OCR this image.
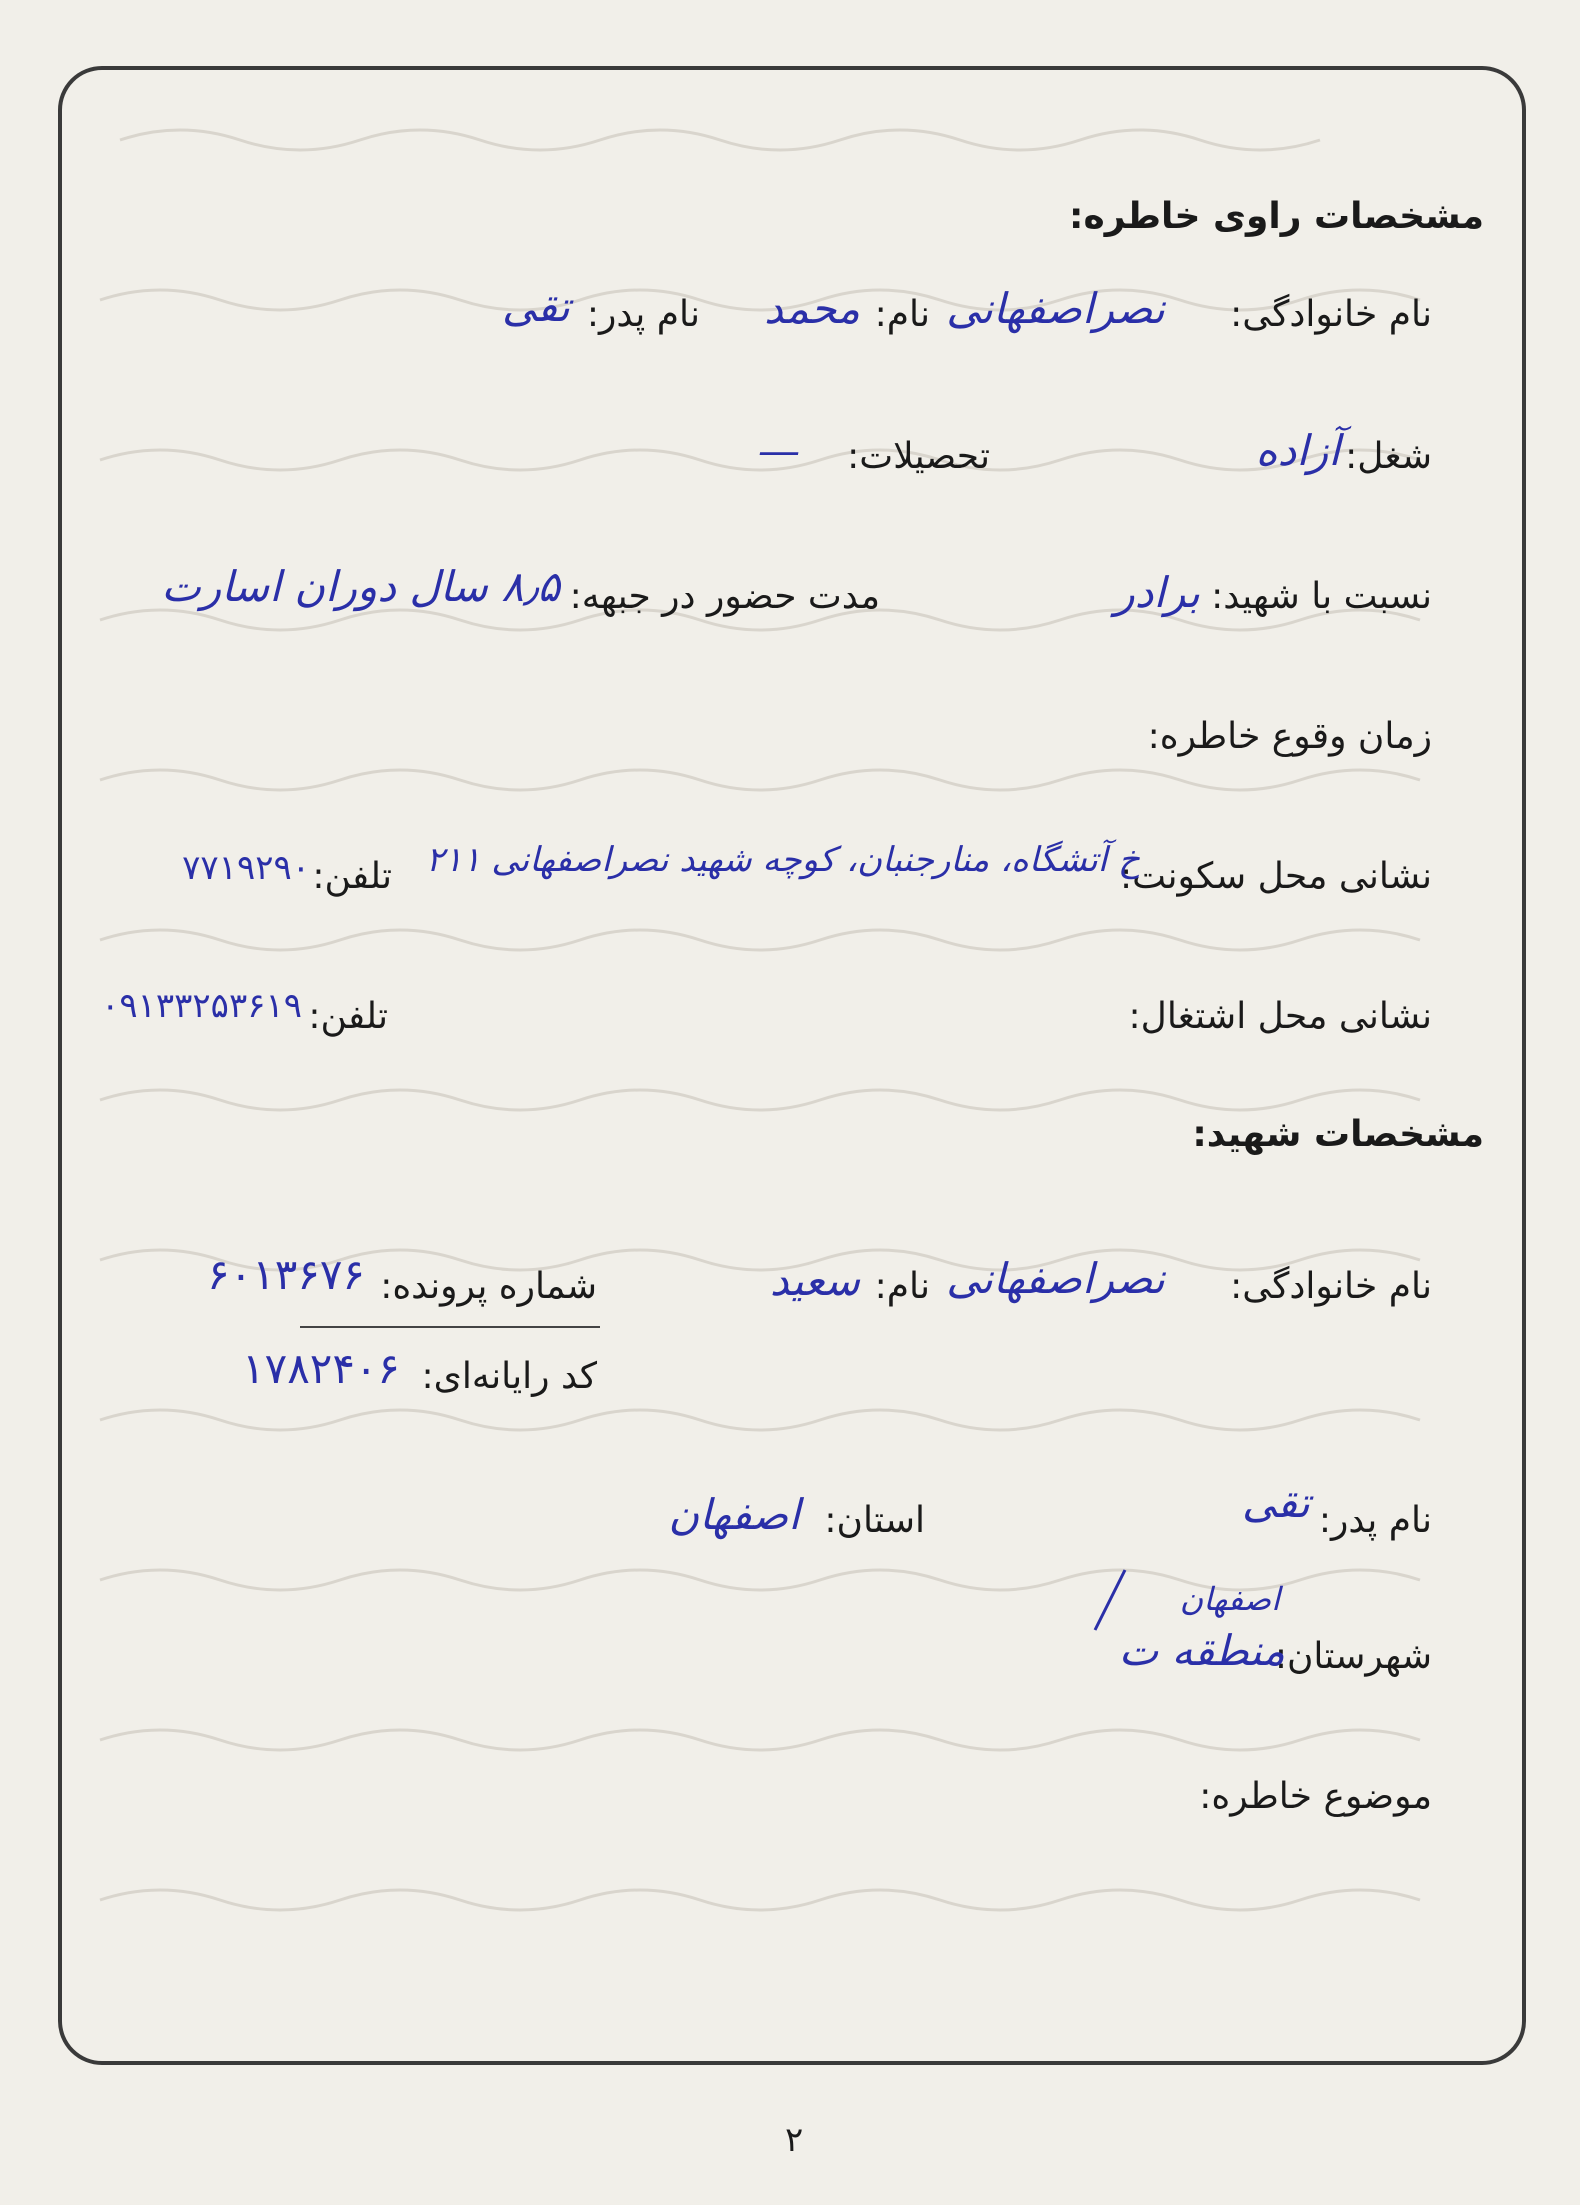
مشخصات راوی خاطره:
نام خانوادگی:
نصراصفهانی
نام:
محمد
نام پدر:
تقی
شغل:
آزاده
تحصیلات:
—
نسبت با شهید:
برادر
مدت حضور در جبهه:
۸٫۵ سال دوران اسارت
زمان وقوع خاطره:
نشانی محل سکونت:
خ آتشگاه، منارجنبان، کوچه شهید نصراصفهانی ۲۱۱
تلفن:
۷۷۱۹۲۹۰
نشانی محل اشتغال:
تلفن:
۰۹۱۳۳۲۵۳۶۱۹
مشخصات شهید:
نام خانوادگی:
نصراصفهانی
نام:
سعید
شماره پرونده:
۶۰۱۳۶۷۶
کد رایانه‌ای:
۱۷۸۲۴۰۶
نام پدر:
تقی
استان:
اصفهان
اصفهان
شهرستان:
منطقه ت
موضوع خاطره:
۲
